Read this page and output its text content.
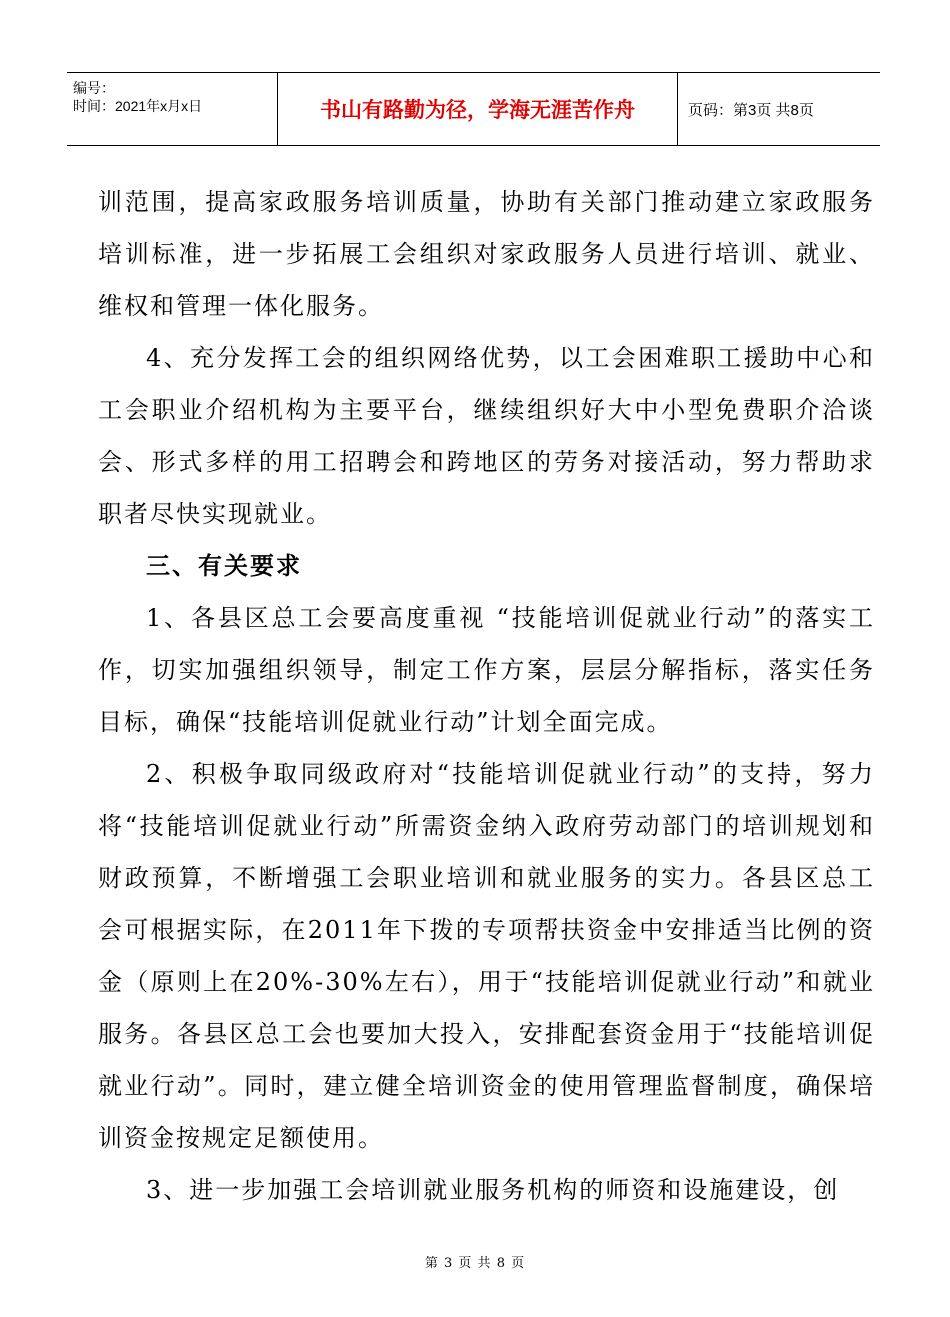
编号：
时间：2021年x月x日	书山有路勤为径，学海无涯苦作舟	页码：第3页 共8页

训范围，提高家政服务培训质量，协助有关部门推动建立家政服务培训标准，进一步拓展工会组织对家政服务人员进行培训、就业、维权和管理一体化服务。

4、充分发挥工会的组织网络优势，以工会困难职工援助中心和工会职业介绍机构为主要平台，继续组织好大中小型免费职介洽谈会、形式多样的用工招聘会和跨地区的劳务对接活动，努力帮助求职者尽快实现就业。

三、有关要求

1、各县区总工会要高度重视 “技能培训促就业行动”的落实工作，切实加强组织领导，制定工作方案，层层分解指标，落实任务目标，确保“技能培训促就业行动”计划全面完成。

2、积极争取同级政府对“技能培训促就业行动”的支持，努力将“技能培训促就业行动”所需资金纳入政府劳动部门的培训规划和财政预算，不断增强工会职业培训和就业服务的实力。各县区总工会可根据实际，在2011年下拨的专项帮扶资金中安排适当比例的资金（原则上在20%-30%左右），用于“技能培训促就业行动”和就业服务。各县区总工会也要加大投入，安排配套资金用于“技能培训促就业行动”。同时，建立健全培训资金的使用管理监督制度，确保培训资金按规定足额使用。

3、进一步加强工会培训就业服务机构的师资和设施建设，创

第 3 页 共 8 页
